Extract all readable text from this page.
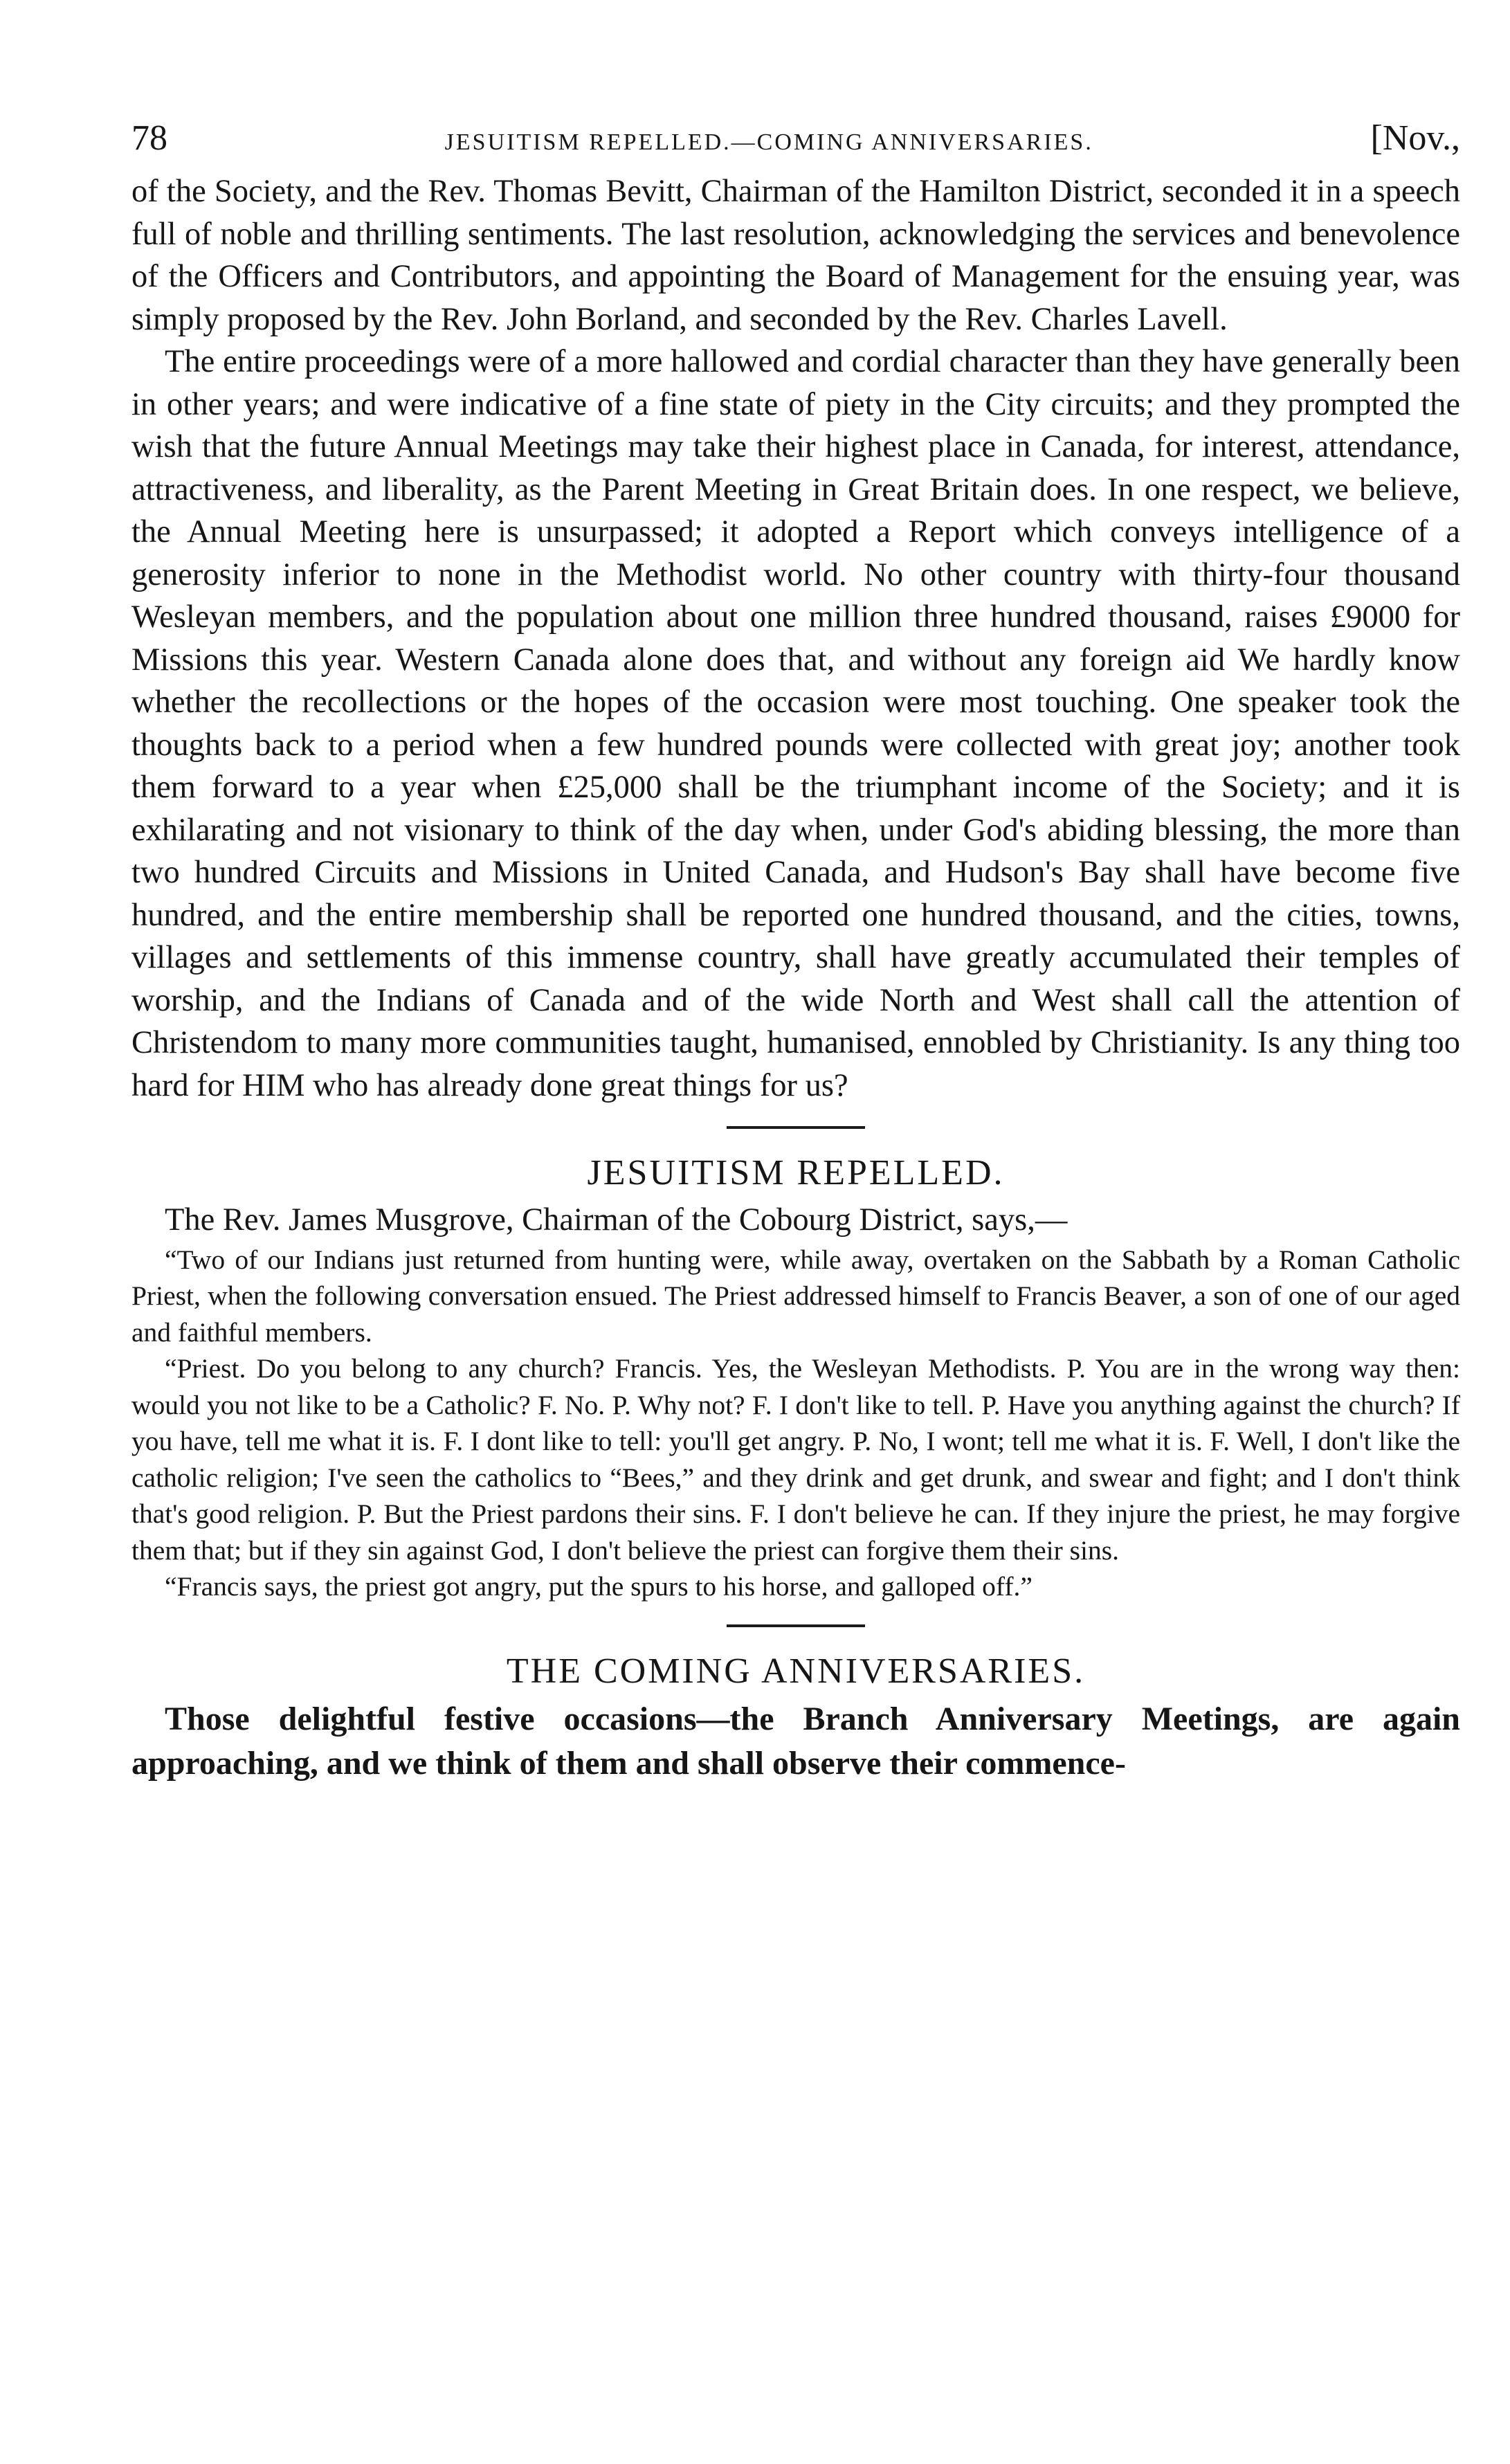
78	JESUITISM REPELLED.—COMING ANNIVERSARIES.	[Nov.,

of the Society, and the Rev. Thomas Bevitt, Chairman of the Hamilton District, seconded it in a speech full of noble and thrilling sentiments. The last resolution, acknowledging the services and benevolence of the Officers and Contributors, and appointing the Board of Management for the ensuing year, was simply proposed by the Rev. John Borland, and seconded by the Rev. Charles Lavell.

The entire proceedings were of a more hallowed and cordial character than they have generally been in other years; and were indicative of a fine state of piety in the City circuits; and they prompted the wish that the future Annual Meetings may take their highest place in Canada, for interest, attendance, attractiveness, and liberality, as the Parent Meeting in Great Britain does. In one respect, we believe, the Annual Meeting here is unsurpassed; it adopted a Report which conveys intelligence of a generosity inferior to none in the Methodist world. No other country with thirty-four thousand Wesleyan members, and the population about one million three hundred thousand, raises £9000 for Missions this year. Western Canada alone does that, and without any foreign aid We hardly know whether the recollections or the hopes of the occasion were most touching. One speaker took the thoughts back to a period when a few hundred pounds were collected with great joy; another took them forward to a year when £25,000 shall be the triumphant income of the Society; and it is exhilarating and not visionary to think of the day when, under God's abiding blessing, the more than two hundred Circuits and Missions in United Canada, and Hudson's Bay shall have become five hundred, and the entire membership shall be reported one hundred thousand, and the cities, towns, villages and settlements of this immense country, shall have greatly accumulated their temples of worship, and the Indians of Canada and of the wide North and West shall call the attention of Christendom to many more communities taught, humanised, ennobled by Christianity. Is any thing too hard for HIM who has already done great things for us?

JESUITISM REPELLED.

The Rev. James Musgrove, Chairman of the Cobourg District, says,—

“Two of our Indians just returned from hunting were, while away, overtaken on the Sabbath by a Roman Catholic Priest, when the following conversation ensued. The Priest addressed himself to Francis Beaver, a son of one of our aged and faithful members.

“Priest. Do you belong to any church? Francis. Yes, the Wesleyan Methodists. P. You are in the wrong way then: would you not like to be a Catholic? F. No. P. Why not? F. I don't like to tell. P. Have you anything against the church? If you have, tell me what it is. F. I dont like to tell: you'll get angry. P. No, I wont; tell me what it is. F. Well, I don't like the catholic religion; I've seen the catholics to “Bees,” and they drink and get drunk, and swear and fight; and I don't think that's good religion. P. But the Priest pardons their sins. F. I don't believe he can. If they injure the priest, he may forgive them that; but if they sin against God, I don't believe the priest can forgive them their sins.

“Francis says, the priest got angry, put the spurs to his horse, and galloped off.”

THE COMING ANNIVERSARIES.

Those delightful festive occasions—the Branch Anniversary Meetings, are again approaching, and we think of them and shall observe their commence-
